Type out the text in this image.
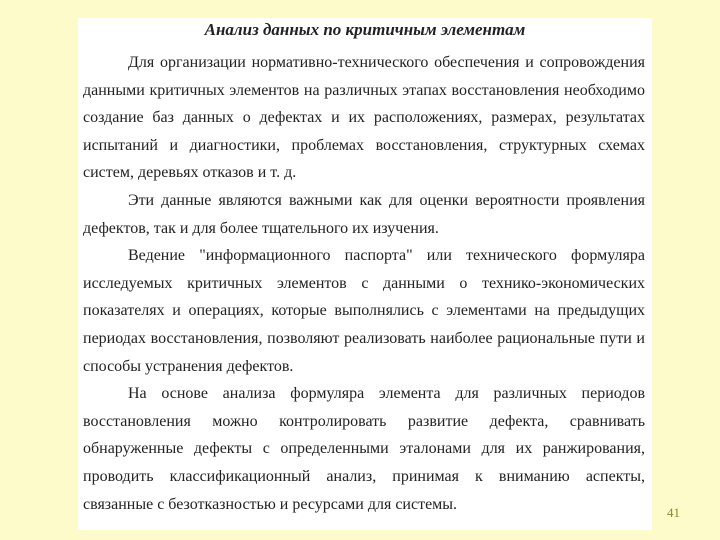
Анализ данных по критичным элементам

Для организации нормативно-технического обеспечения и сопровождения данными критичных элементов на различных этапах восстановления необходимо создание баз данных о дефектах и их расположениях, размерах, результатах испытаний и диагностики, проблемах восстановления, структурных схемах систем, деревьях отказов и т. д.

Эти данные являются важными как для оценки вероятности проявления дефектов, так и для более тщательного их изучения.

Ведение "информационного паспорта" или технического формуляра исследуемых критичных элементов с данными о технико-экономических показателях и операциях, которые выполнялись с элементами на предыдущих периодах восстановления, позволяют реализовать наиболее рациональные пути и способы устранения дефектов.

На основе анализа формуляра элемента для различных периодов восстановления можно контролировать развитие дефекта, сравнивать обнаруженные дефекты с определенными эталонами для их ранжирования, проводить классификационный анализ, принимая к вниманию аспекты, связанные с безотказностью и ресурсами для системы.	41
